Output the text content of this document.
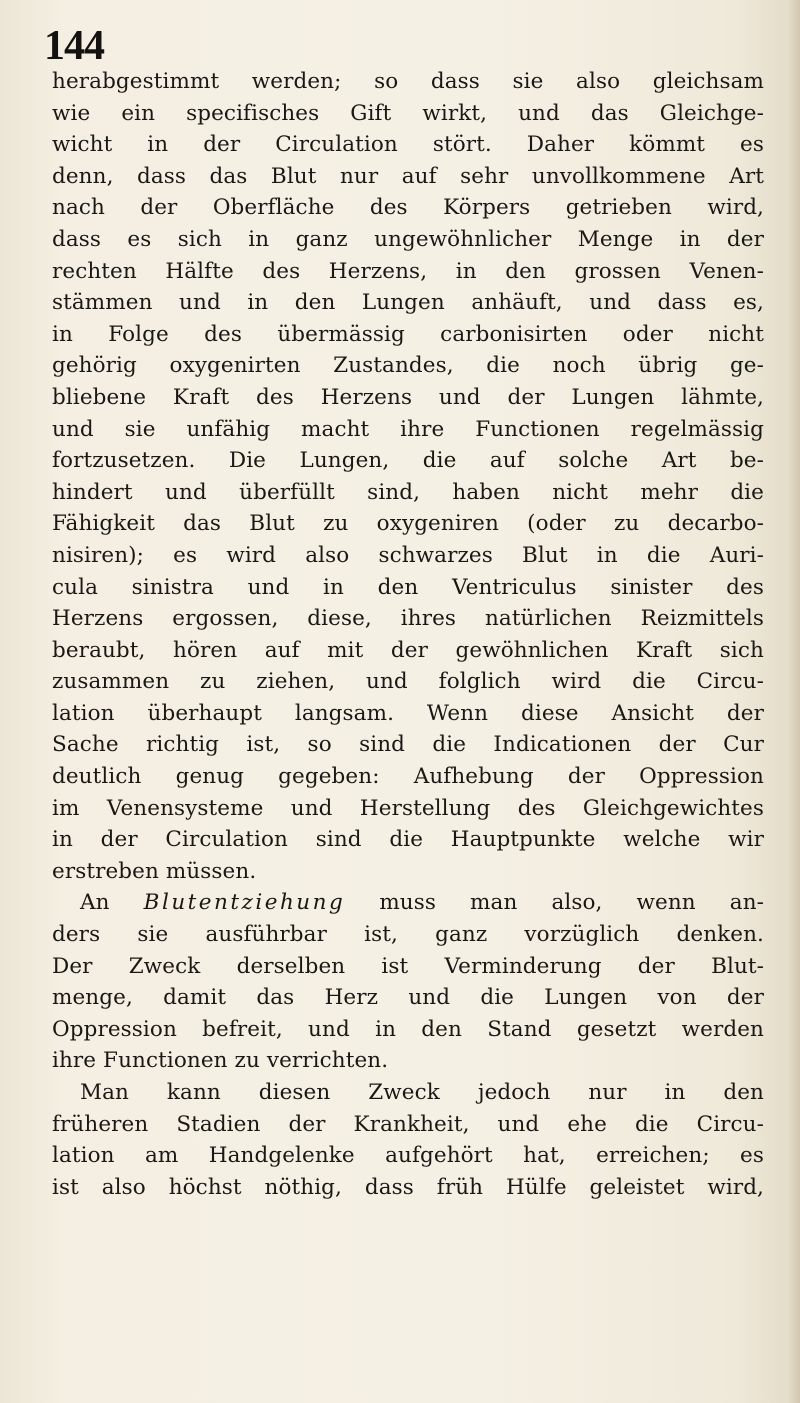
144
herabgestimmt werden; so dass sie also gleichsam
wie ein specifisches Gift wirkt, und das Gleichge-
wicht in der Circulation stört. Daher kömmt es
denn, dass das Blut nur auf sehr unvollkommene Art
nach der Oberfläche des Körpers getrieben wird,
dass es sich in ganz ungewöhnlicher Menge in der
rechten Hälfte des Herzens, in den grossen Venen-
stämmen und in den Lungen anhäuft, und dass es,
in Folge des übermässig carbonisirten oder nicht
gehörig oxygenirten Zustandes, die noch übrig ge-
bliebene Kraft des Herzens und der Lungen lähmte,
und sie unfähig macht ihre Functionen regelmässig
fortzusetzen. Die Lungen, die auf solche Art be-
hindert und überfüllt sind, haben nicht mehr die
Fähigkeit das Blut zu oxygeniren (oder zu decarbo-
nisiren); es wird also schwarzes Blut in die Auri-
cula sinistra und in den Ventriculus sinister des
Herzens ergossen, diese, ihres natürlichen Reizmittels
beraubt, hören auf mit der gewöhnlichen Kraft sich
zusammen zu ziehen, und folglich wird die Circu-
lation überhaupt langsam. Wenn diese Ansicht der
Sache richtig ist, so sind die Indicationen der Cur
deutlich genug gegeben: Aufhebung der Oppression
im Venensysteme und Herstellung des Gleichgewichtes
in der Circulation sind die Hauptpunkte welche wir
erstreben müssen.
An Blutentziehung muss man also, wenn an-
ders sie ausführbar ist, ganz vorzüglich denken.
Der Zweck derselben ist Verminderung der Blut-
menge, damit das Herz und die Lungen von der
Oppression befreit, und in den Stand gesetzt werden
ihre Functionen zu verrichten.
Man kann diesen Zweck jedoch nur in den
früheren Stadien der Krankheit, und ehe die Circu-
lation am Handgelenke aufgehört hat, erreichen; es
ist also höchst nöthig, dass früh Hülfe geleistet wird,
